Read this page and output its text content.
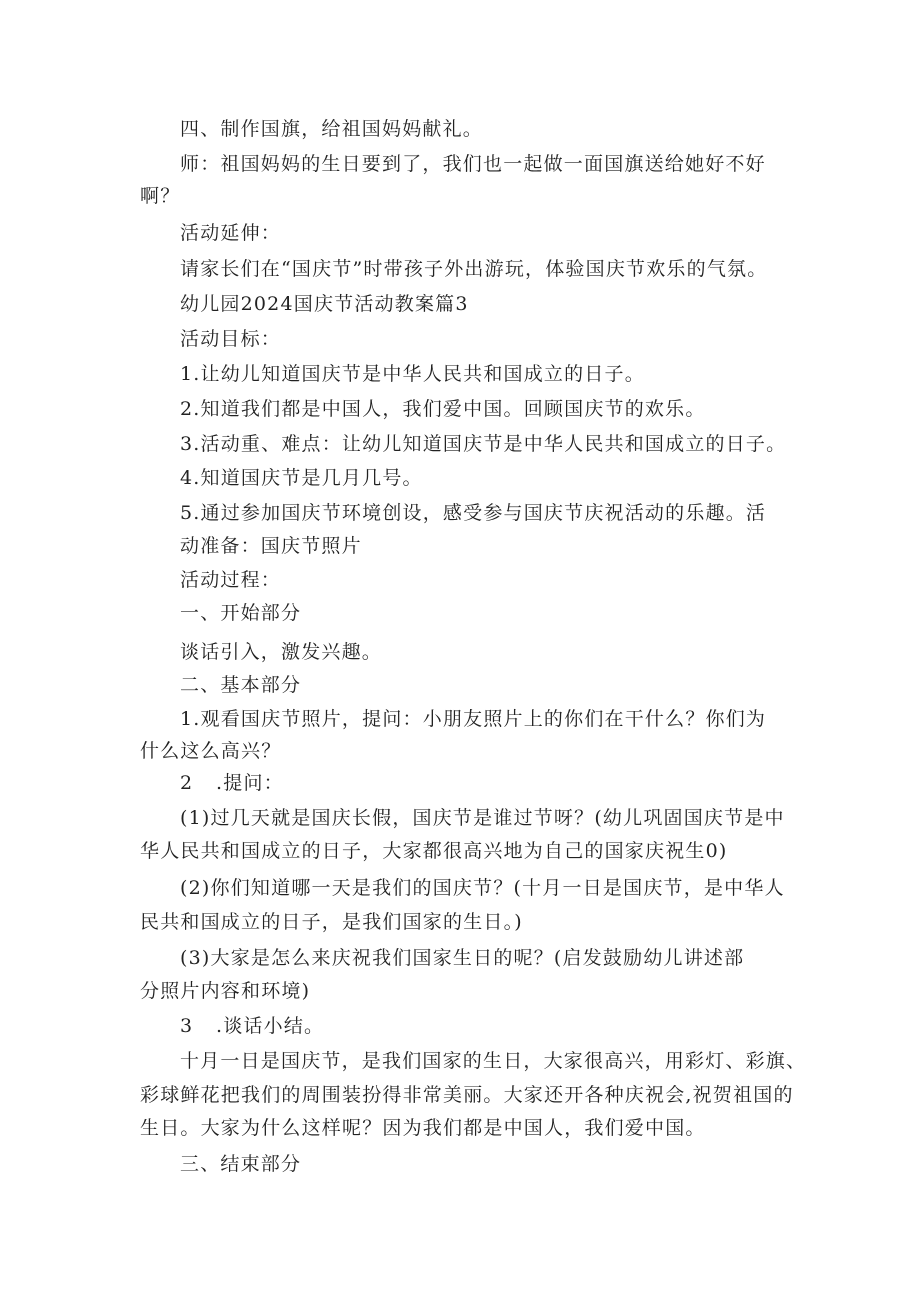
四、制作国旗，给祖国妈妈献礼。
师：祖国妈妈的生日要到了，我们也一起做一面国旗送给她好不好
啊？
活动延伸：
请家长们在“国庆节”时带孩子外出游玩，体验国庆节欢乐的气氛。
幼儿园2024国庆节活动教案篇3
活动目标：
1.让幼儿知道国庆节是中华人民共和国成立的日子。
2.知道我们都是中国人，我们爱中国。回顾国庆节的欢乐。
3.活动重、难点：让幼儿知道国庆节是中华人民共和国成立的日子。
4.知道国庆节是几月几号。
5.通过参加国庆节环境创设，感受参与国庆节庆祝活动的乐趣。活
动准备：国庆节照片
活动过程：
一、开始部分
谈话引入，激发兴趣。
二、基本部分
1.观看国庆节照片，提问：小朋友照片上的你们在干什么？你们为
什么这么高兴？
2 .提问：
(1)过几天就是国庆长假，国庆节是谁过节呀？(幼儿巩固国庆节是中
华人民共和国成立的日子，大家都很高兴地为自己的国家庆祝生0)
(2)你们知道哪一天是我们的国庆节？(十月一日是国庆节，是中华人
民共和国成立的日子，是我们国家的生日。)
(3)大家是怎么来庆祝我们国家生日的呢？(启发鼓励幼儿讲述部
分照片内容和环境)
3 .谈话小结。
十月一日是国庆节，是我们国家的生日，大家很高兴，用彩灯、彩旗、
彩球鲜花把我们的周围装扮得非常美丽。大家还开各种庆祝会,祝贺祖国的
生日。大家为什么这样呢？因为我们都是中国人，我们爱中国。
三、结束部分
